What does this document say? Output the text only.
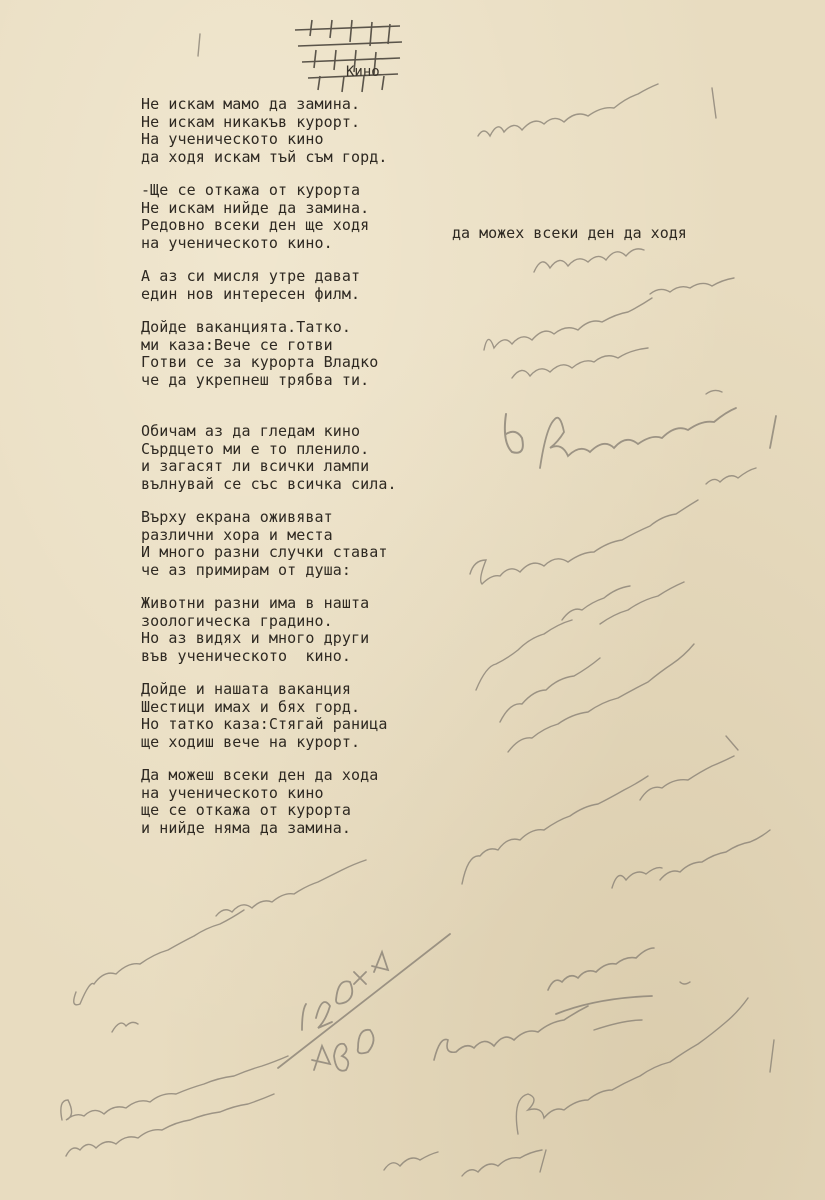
Кино
Не искам мамо да замина.
Не искам никакъв курорт.
На ученическото кино
да ходя искам тъй съм горд.
-Ще се откажа от курорта
Не искам нийде да замина.
Редовно всеки ден ще ходя
на ученическото кино.
А аз си мисля утре дават
един нов интересен филм.
Дойде ваканцията.Татко.
ми каза:Вече се готви
Готви се за курорта Владко
че да укрепнеш трябва ти.
Обичам аз да гледам кино
Сърдцето ми е то пленило.
и загасят ли всички лампи
вълнувай се със всичка сила.
Върху екрана оживяват
различни хора и места
И много разни случки стават
че аз примирам от душа:
Животни разни има в нашта
зоологическа градино.
Но аз видях и много други
във ученическото  кино.
Дойде и нашата ваканция
Шестици имах и бях горд.
Но татко каза:Стягай раница
ще ходиш вече на курорт.
Да можеш всеки ден да хода
на ученическото кино
ще се откажа от курорта
и нийде няма да замина.
да можех всеки ден да ходя
